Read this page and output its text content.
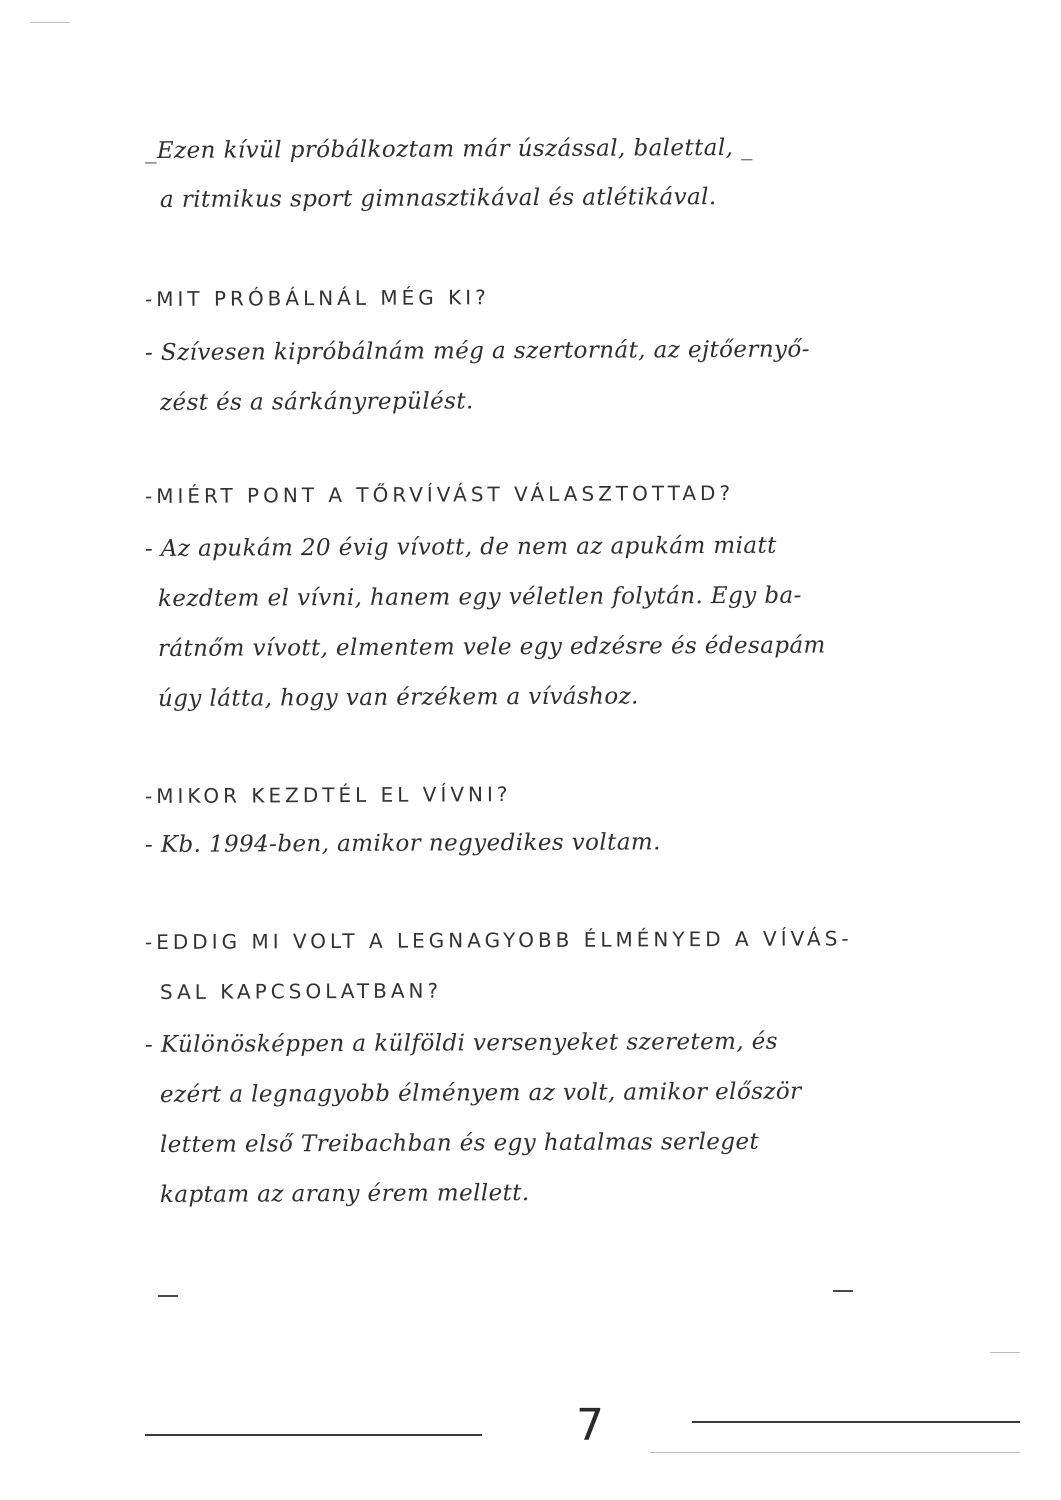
_Ezen kívül próbálkoztam már úszással, balettal, _
a ritmikus sport gimnasztikával és atlétikával.
-MIT PRÓBÁLNÁL MÉG KI?
- Szívesen kipróbálnám még a szertornát, az ejtőernyő-
zést és a sárkányrepülést.
-MIÉRT PONT A TŐRVÍVÁST VÁLASZTOTTAD?
- Az apukám 20 évig vívott, de nem az apukám miatt
kezdtem el vívni, hanem egy véletlen folytán. Egy ba-
rátnőm vívott, elmentem vele egy edzésre és édesapám
úgy látta, hogy van érzékem a víváshoz.
-MIKOR KEZDTÉL EL VÍVNI?
- Kb. 1994-ben, amikor negyedikes voltam.
-EDDIG MI VOLT A LEGNAGYOBB ÉLMÉNYED A VÍVÁS-
SAL KAPCSOLATBAN?
- Különösképpen a külföldi versenyeket szeretem, és
ezért a legnagyobb élményem az volt, amikor először
lettem első Treibachban és egy hatalmas serleget
kaptam az arany érem mellett.
7
